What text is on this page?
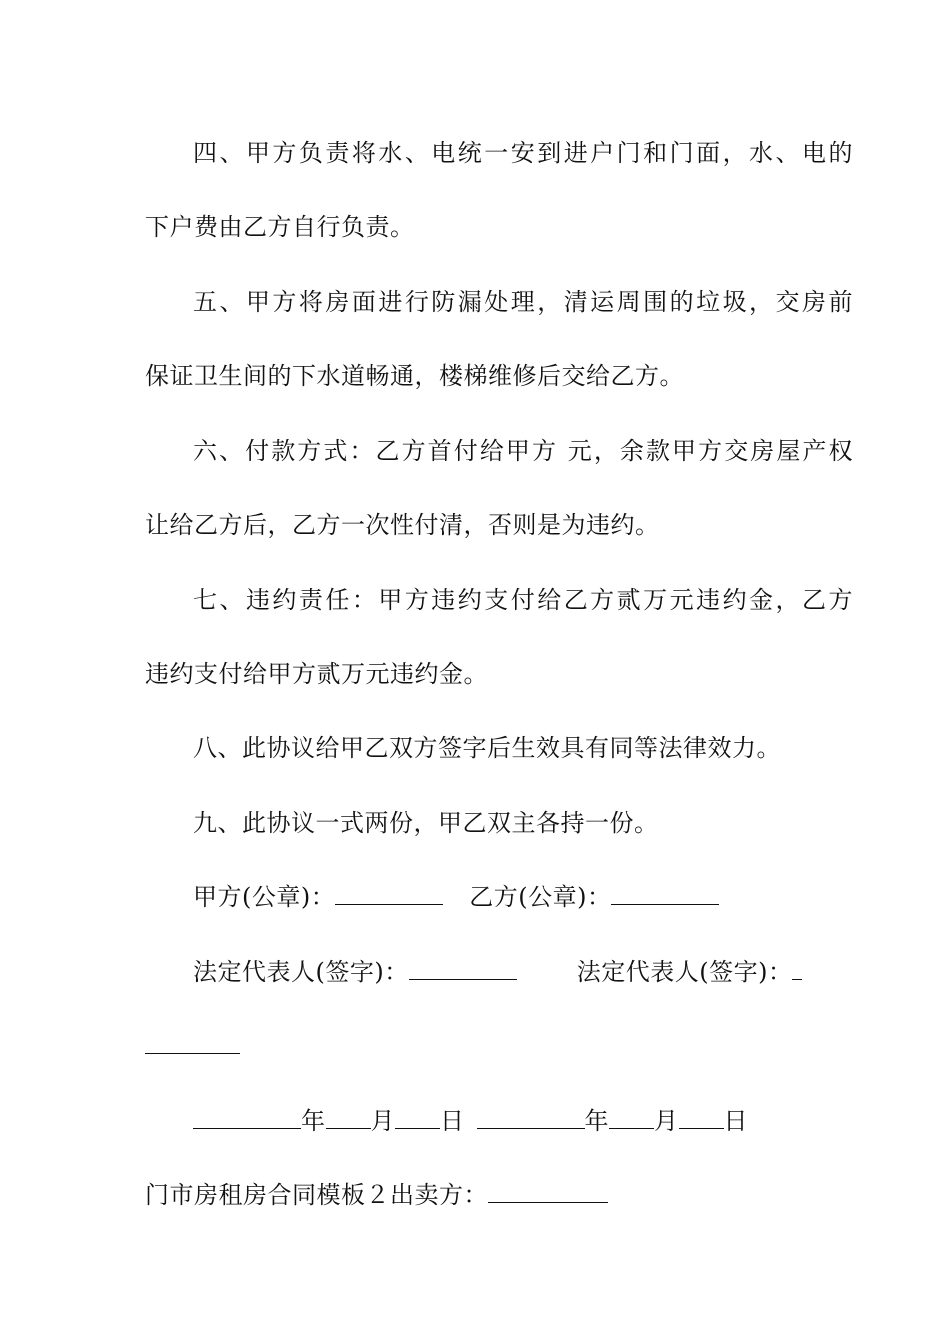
四、甲方负责将水、电统一安到进户门和门面，水、电的
下户费由乙方自行负责。
五、甲方将房面进行防漏处理，清运周围的垃圾，交房前
保证卫生间的下水道畅通，楼梯维修后交给乙方。
六、付款方式：乙方首付给甲方 元，余款甲方交房屋产权
让给乙方后，乙方一次性付清，否则是为违约。
七、违约责任：甲方违约支付给乙方贰万元违约金，乙方
违约支付给甲方贰万元违约金。
八、此协议给甲乙双方签字后生效具有同等法律效力。
九、此协议一式两份，甲乙双主各持一份。
甲方(公章)：	乙方(公章)：
法定代表人(签字)：	法定代表人(签字)：
年 月 日	年 月 日
门市房租房合同模板２出卖方：
